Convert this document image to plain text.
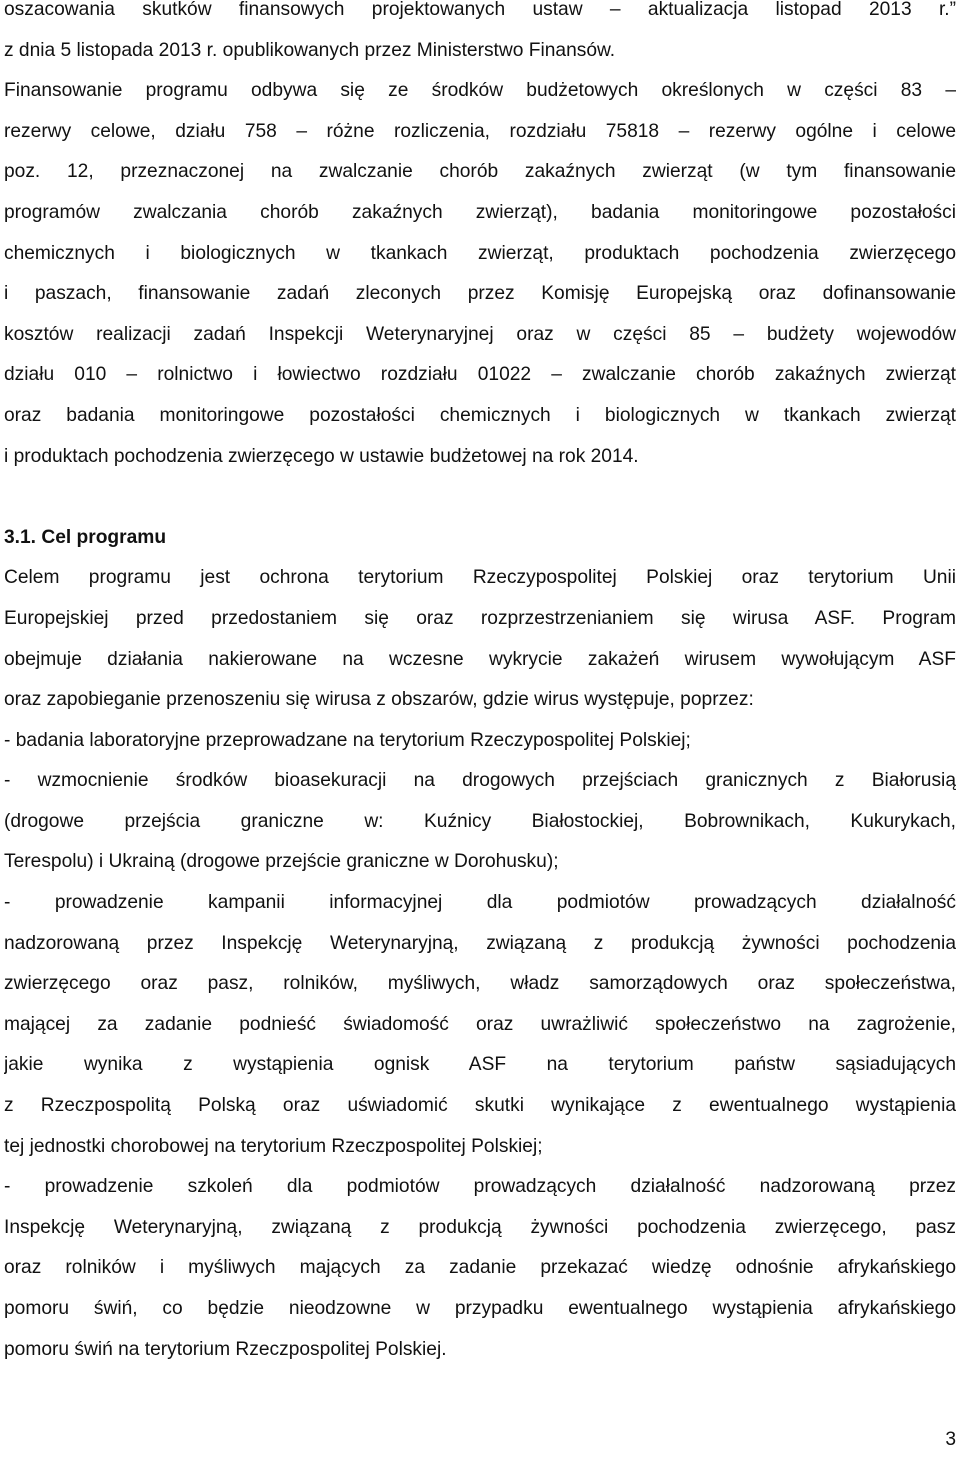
oszacowania skutków finansowych projektowanych ustaw – aktualizacja listopad 2013 r.”
z dnia 5 listopada 2013 r. opublikowanych przez Ministerstwo Finansów.
Finansowanie programu odbywa się ze środków budżetowych określonych w części 83 –
rezerwy celowe, działu 758 – różne rozliczenia, rozdziału 75818 – rezerwy ogólne i celowe
poz. 12, przeznaczonej na zwalczanie chorób zakaźnych zwierząt (w tym finansowanie
programów zwalczania chorób zakaźnych zwierząt), badania monitoringowe pozostałości
chemicznych i biologicznych w tkankach zwierząt, produktach pochodzenia zwierzęcego
i paszach, finansowanie zadań zleconych przez Komisję Europejską oraz dofinansowanie
kosztów realizacji zadań Inspekcji Weterynaryjnej oraz w części 85 – budżety wojewodów
działu 010 – rolnictwo i łowiectwo rozdziału 01022 – zwalczanie chorób zakaźnych zwierząt
oraz badania monitoringowe pozostałości chemicznych i biologicznych w tkankach zwierząt
i produktach pochodzenia zwierzęcego w ustawie budżetowej na rok 2014.
3.1. Cel programu
Celem programu jest ochrona terytorium Rzeczypospolitej Polskiej oraz terytorium Unii
Europejskiej przed przedostaniem się oraz rozprzestrzenianiem się wirusa ASF. Program
obejmuje działania nakierowane na wczesne wykrycie zakażeń wirusem wywołującym ASF
oraz zapobieganie przenoszeniu się wirusa z obszarów, gdzie wirus występuje, poprzez:
- badania laboratoryjne przeprowadzane na terytorium Rzeczypospolitej Polskiej;
- wzmocnienie środków bioasekuracji na drogowych przejściach granicznych z Białorusią
(drogowe przejścia graniczne w: Kuźnicy Białostockiej, Bobrownikach, Kukurykach,
Terespolu) i Ukrainą (drogowe przejście graniczne w Dorohusku);
- prowadzenie kampanii informacyjnej dla podmiotów prowadzących działalność
nadzorowaną przez Inspekcję Weterynaryjną, związaną z produkcją żywności pochodzenia
zwierzęcego oraz pasz, rolników, myśliwych, władz samorządowych oraz społeczeństwa,
mającej za zadanie podnieść świadomość oraz uwrażliwić społeczeństwo na zagrożenie,
jakie wynika z wystąpienia ognisk ASF na terytorium państw sąsiadujących
z Rzeczpospolitą Polską oraz uświadomić skutki wynikające z ewentualnego wystąpienia
tej jednostki chorobowej na terytorium Rzeczpospolitej Polskiej;
- prowadzenie szkoleń dla podmiotów prowadzących działalność nadzorowaną przez
Inspekcję Weterynaryjną, związaną z produkcją żywności pochodzenia zwierzęcego, pasz
oraz rolników i myśliwych mających za zadanie przekazać wiedzę odnośnie afrykańskiego
pomoru świń, co będzie nieodzowne w przypadku ewentualnego wystąpienia afrykańskiego
pomoru świń na terytorium Rzeczpospolitej Polskiej.
3
